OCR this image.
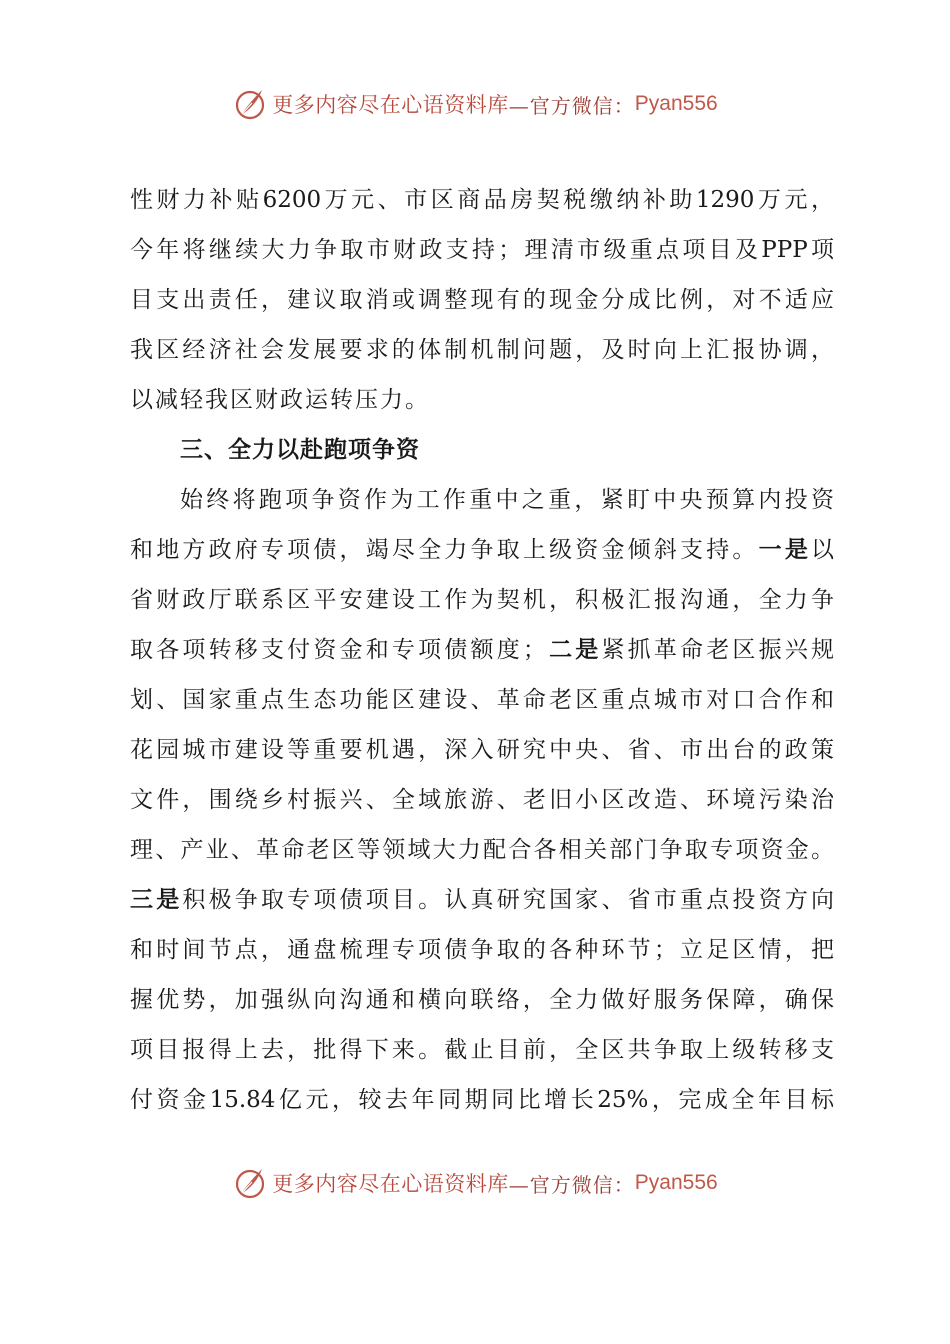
更多内容尽在心语资料库 —官方微信： Pyan556
性财力补贴6200万元、市区商品房契税缴纳补助1290万元，
今年将继续大力争取市财政支持；理清市级重点项目及PPP项
目支出责任，建议取消或调整现有的现金分成比例，对不适应
我区经济社会发展要求的体制机制问题，及时向上汇报协调，
以减轻我区财政运转压力。
三、全力以赴跑项争资
始终将跑项争资作为工作重中之重，紧盯中央预算内投资
和地方政府专项债，竭尽全力争取上级资金倾斜支持。一是以
省财政厅联系区平安建设工作为契机，积极汇报沟通，全力争
取各项转移支付资金和专项债额度；二是紧抓革命老区振兴规
划、国家重点生态功能区建设、革命老区重点城市对口合作和
花园城市建设等重要机遇，深入研究中央、省、市出台的政策
文件，围绕乡村振兴、全域旅游、老旧小区改造、环境污染治
理、产业、革命老区等领域大力配合各相关部门争取专项资金。
三是积极争取专项债项目。认真研究国家、省市重点投资方向
和时间节点，通盘梳理专项债争取的各种环节；立足区情，把
握优势，加强纵向沟通和横向联络，全力做好服务保障，确保
项目报得上去，批得下来。截止目前，全区共争取上级转移支
付资金15.84亿元，较去年同期同比增长25%，完成全年目标
更多内容尽在心语资料库 —官方微信： Pyan556
